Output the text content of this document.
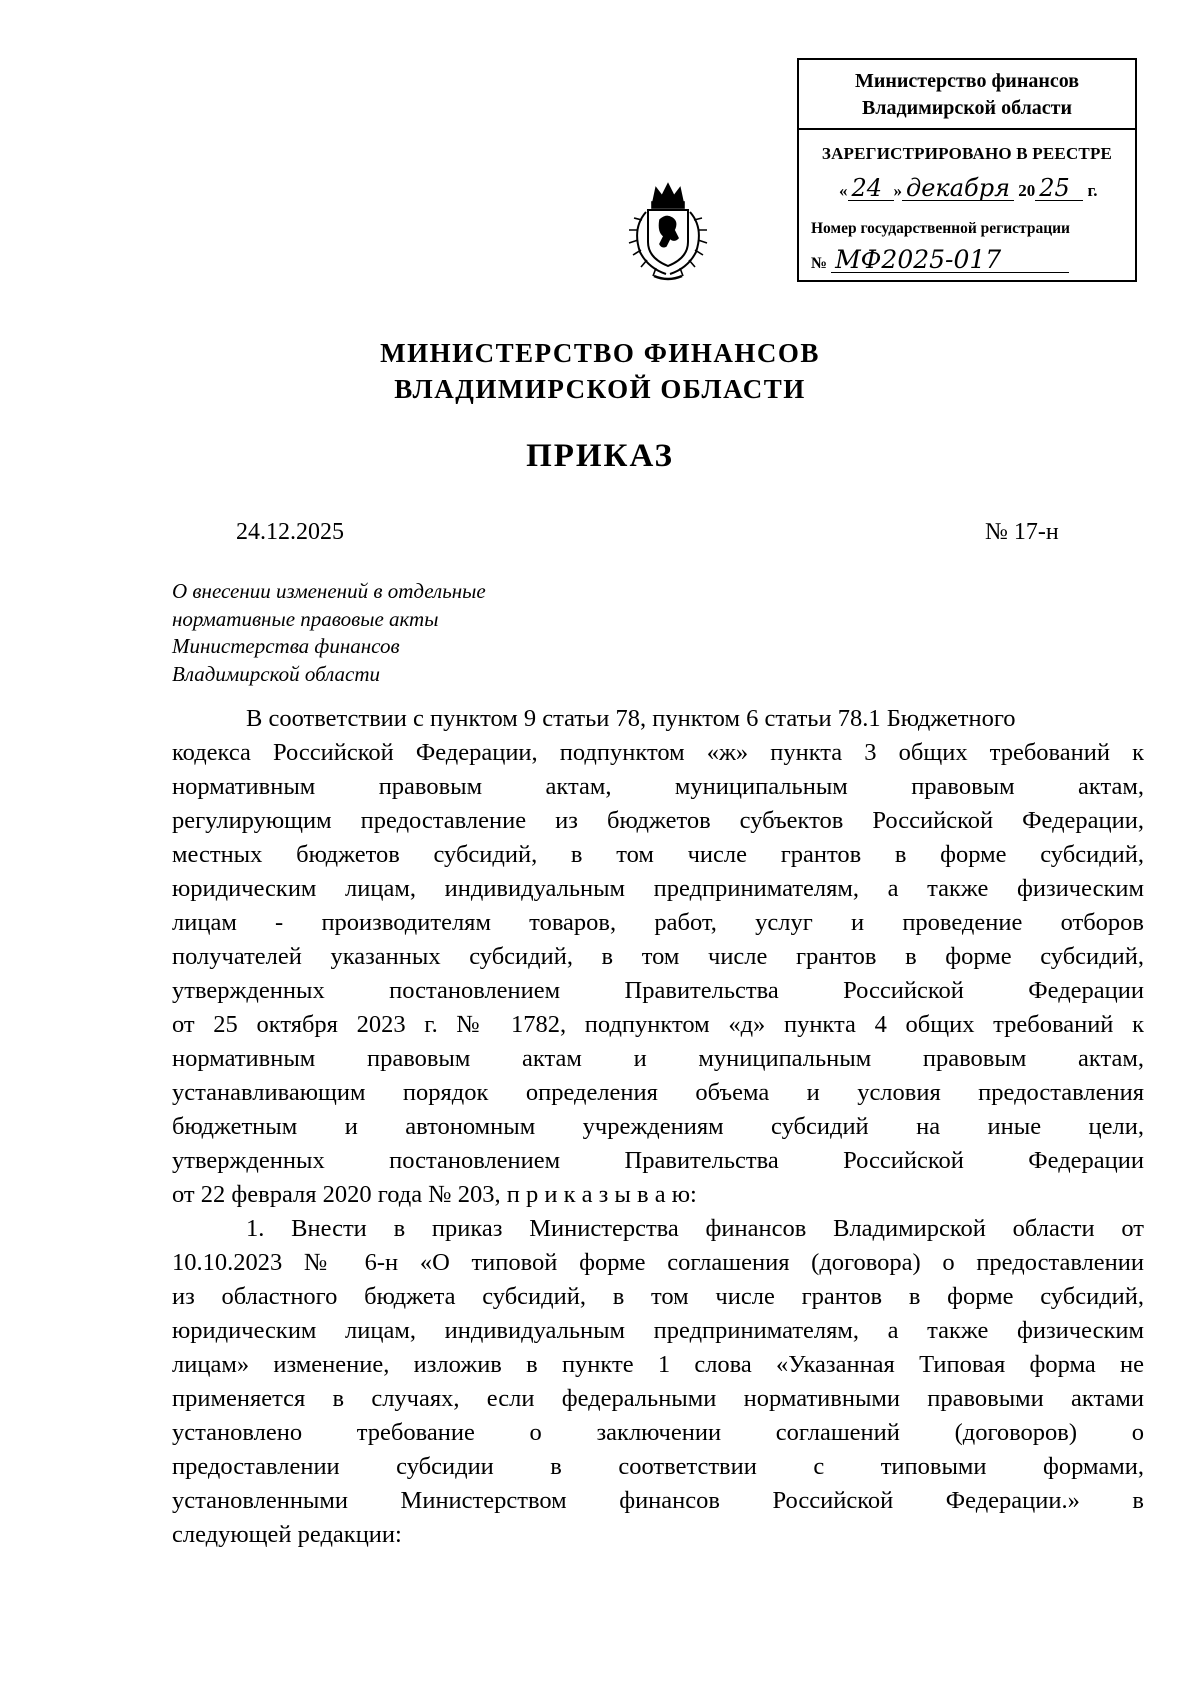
Министерство финансов
Владимирской области
ЗАРЕГИСТРИРОВАНО В РЕЕСТРЕ
« 24 » декабря 20 25 г.
Номер государственной регистрации
№ МФ2025-017
МИНИСТЕРСТВО ФИНАНСОВ
ВЛАДИМИРСКОЙ ОБЛАСТИ
ПРИКАЗ
24.12.2025	№ 17-н
О внесении изменений в отдельные
нормативные правовые акты
Министерства финансов
Владимирской области
В соответствии с пунктом 9 статьи 78, пунктом 6 статьи 78.1 Бюджетного
кодекса Российской Федерации, подпунктом «ж» пункта 3 общих требований к
нормативным правовым актам, муниципальным правовым актам,
регулирующим предоставление из бюджетов субъектов Российской Федерации,
местных бюджетов субсидий, в том числе грантов в форме субсидий,
юридическим лицам, индивидуальным предпринимателям, а также физическим
лицам - производителям товаров, работ, услуг и проведение отборов
получателей указанных субсидий, в том числе грантов в форме субсидий,
утвержденных постановлением Правительства Российской Федерации
от 25 октября 2023 г. № 1782, подпунктом «д» пункта 4 общих требований к
нормативным правовым актам и муниципальным правовым актам,
устанавливающим порядок определения объема и условия предоставления
бюджетным и автономным учреждениям субсидий на иные цели,
утвержденных постановлением Правительства Российской Федерации
от 22 февраля 2020 года № 203, п р и к а з ы в а ю:
1. Внести в приказ Министерства финансов Владимирской области от
10.10.2023 № 6-н «О типовой форме соглашения (договора) о предоставлении
из областного бюджета субсидий, в том числе грантов в форме субсидий,
юридическим лицам, индивидуальным предпринимателям, а также физическим
лицам» изменение, изложив в пункте 1 слова «Указанная Типовая форма не
применяется в случаях, если федеральными нормативными правовыми актами
установлено требование о заключении соглашений (договоров) о
предоставлении субсидии в соответствии с типовыми формами,
установленными Министерством финансов Российской Федерации.» в
следующей редакции:
